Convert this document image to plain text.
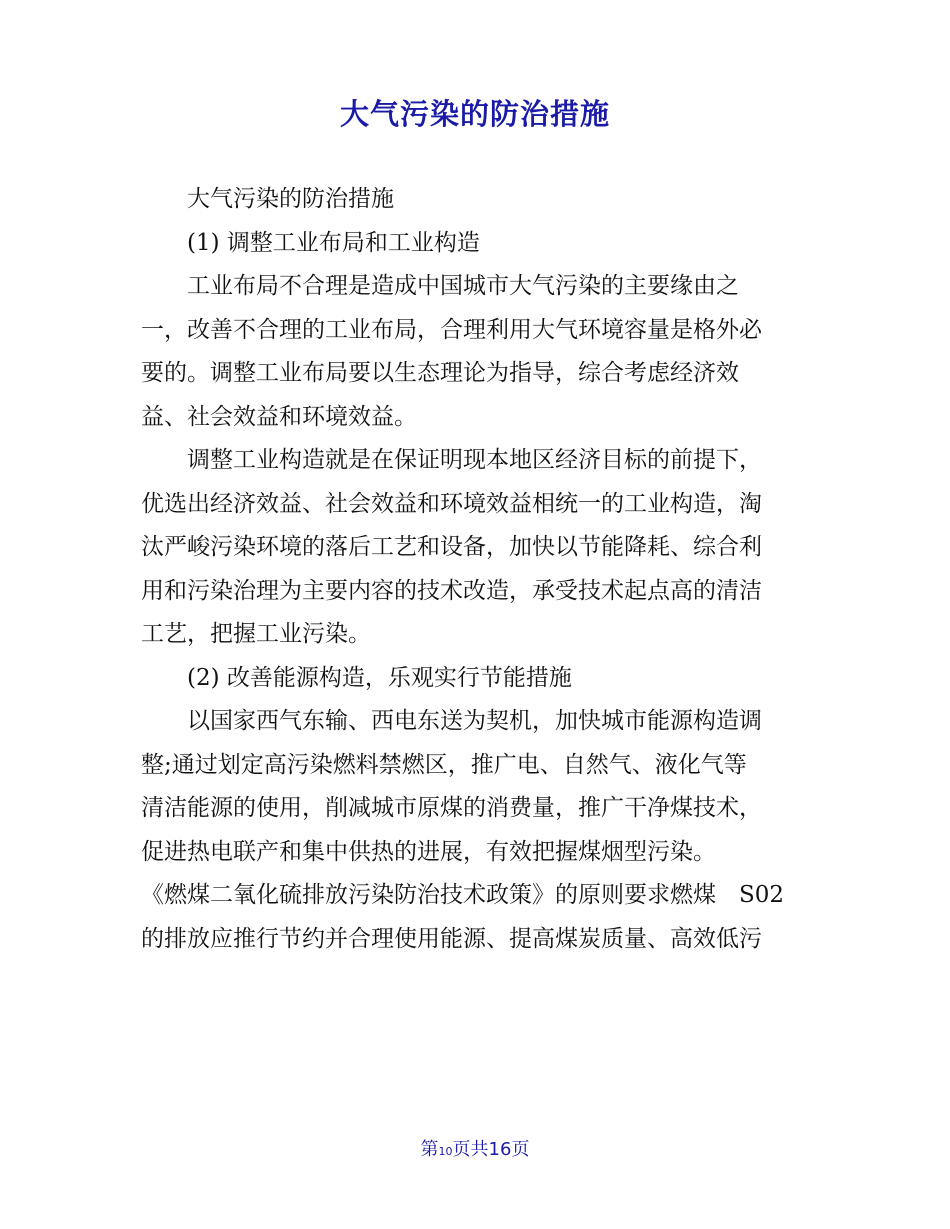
大气污染的防治措施

大气污染的防治措施

(1) 调整工业布局和工业构造

工业布局不合理是造成中国城市大气污染的主要缘由之

一，改善不合理的工业布局，合理利用大气环境容量是格外必

要的。调整工业布局要以生态理论为指导，综合考虑经济效

益、社会效益和环境效益。

调整工业构造就是在保证明现本地区经济目标的前提下，

优选出经济效益、社会效益和环境效益相统一的工业构造，淘

汰严峻污染环境的落后工艺和设备，加快以节能降耗、综合利

用和污染治理为主要内容的技术改造，承受技术起点高的清洁

工艺，把握工业污染。

(2) 改善能源构造，乐观实行节能措施

以国家西气东输、西电东送为契机，加快城市能源构造调

整;通过划定高污染燃料禁燃区，推广电、自然气、液化气等

清洁能源的使用，削减城市原煤的消费量，推广干净煤技术，

促进热电联产和集中供热的进展，有效把握煤烟型污染。

《燃煤二氧化硫排放污染防治技术政策》的原则要求燃煤　S02

的排放应推行节约并合理使用能源、提高煤炭质量、高效低污

第10页共16页
